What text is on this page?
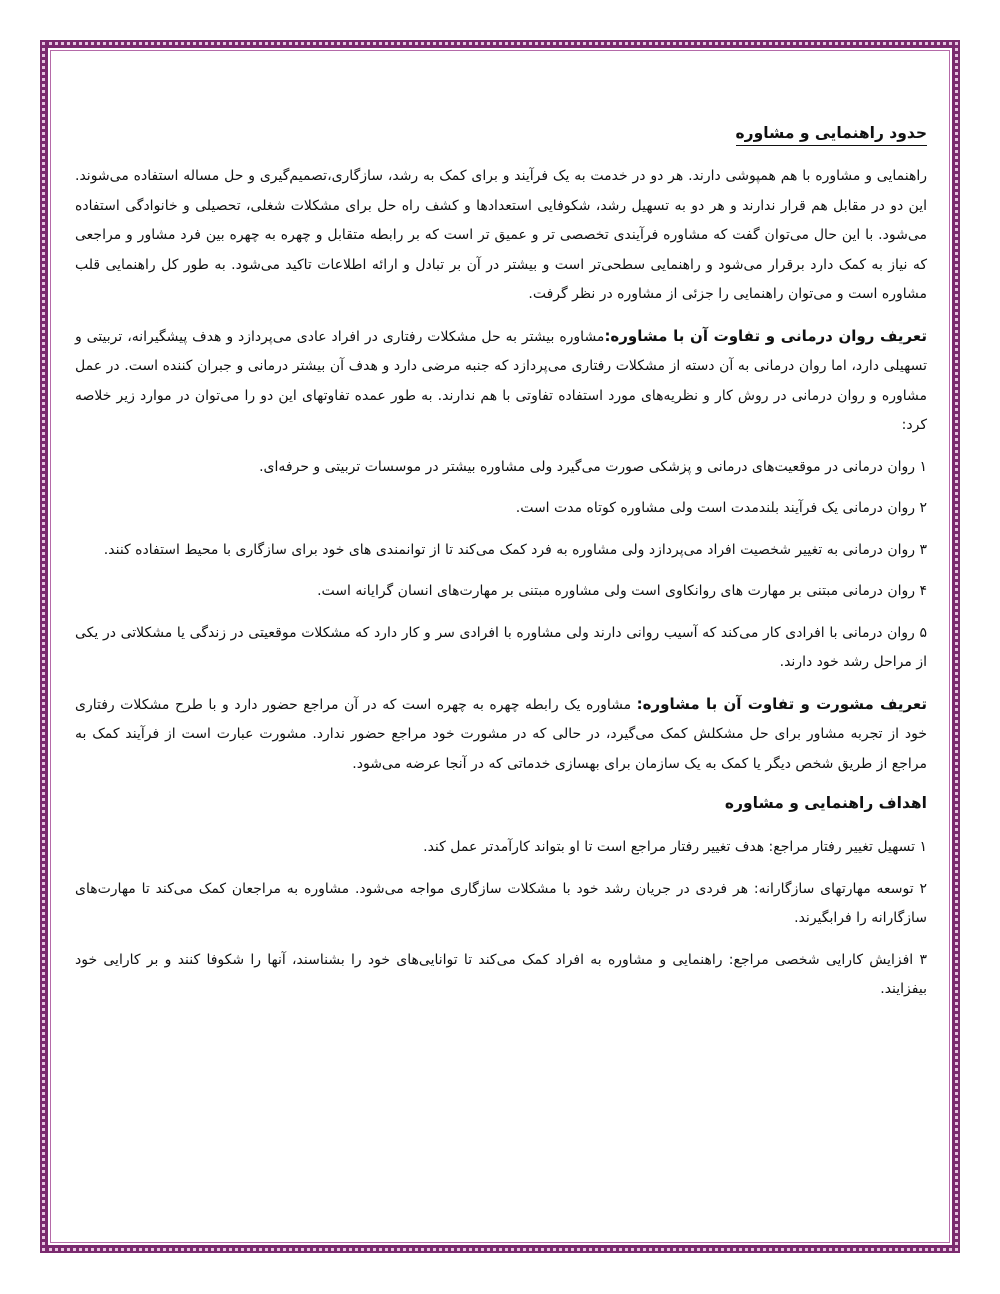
حدود راهنمایی و مشاوره

راهنمایی و مشاوره با هم همپوشی دارند. هر دو در خدمت به یک فرآیند و برای کمک به رشد، سازگاری،تصمیم‌گیری و حل مساله استفاده می‌شوند. این دو در مقابل هم قرار ندارند و هر دو به تسهیل رشد، شکوفایی استعدادها و کشف راه حل برای مشکلات شغلی، تحصیلی و خانوادگی استفاده می‌شود. با این حال می‌توان گفت که مشاوره فرآیندی تخصصی تر و عمیق تر است که بر رابطه متقابل و چهره به چهره بین فرد مشاور و مراجعی که نیاز به کمک دارد برقرار می‌شود و راهنمایی سطحی‌تر است و بیشتر در آن بر تبادل و ارائه اطلاعات تاکید می‌شود. به طور کل راهنمایی قلب مشاوره است و می‌توان راهنمایی را جزئی از مشاوره در نظر گرفت.

تعریف روان درمانی و تفاوت آن با مشاوره:مشاوره بیشتر به حل مشکلات رفتاری در افراد عادی می‌پردازد و هدف پیشگیرانه، تربیتی و تسهیلی دارد، اما روان درمانی به آن دسته از مشکلات رفتاری می‌پردازد که جنبه مرضی دارد و هدف آن بیشتر درمانی و جبران کننده است. در عمل مشاوره و روان درمانی در روش کار و نظریه‌های مورد استفاده تفاوتی با هم ندارند. به طور عمده تفاوتهای این دو را می‌توان در موارد زیر خلاصه کرد:

۱ روان درمانی در موقعیت‌های درمانی و پزشکی صورت می‌گیرد ولی مشاوره بیشتر در موسسات تربیتی و حرفه‌ای.

۲ روان درمانی یک فرآیند بلندمدت است ولی مشاوره کوتاه مدت است.

۳ روان درمانی به تغییر شخصیت افراد می‌پردازد ولی مشاوره به فرد کمک می‌کند تا از توانمندی های خود برای سازگاری با محیط استفاده کنند.

۴ روان درمانی مبتنی بر مهارت های روانکاوی است ولی مشاوره مبتنی بر مهارت‌های انسان گرایانه است.

۵ روان درمانی با افرادی کار می‌کند که آسیب روانی دارند ولی مشاوره با افرادی سر و کار دارد که مشکلات موقعیتی در زندگی یا مشکلاتی در یکی از مراحل رشد خود دارند.

تعریف مشورت و تفاوت آن با مشاوره: مشاوره یک رابطه چهره به چهره است که در آن مراجع حضور دارد و با طرح مشکلات رفتاری خود از تجربه مشاور برای حل مشکلش کمک می‌گیرد، در حالی که در مشورت خود مراجع حضور ندارد. مشورت عبارت است از فرآیند کمک به مراجع از طریق شخص دیگر یا کمک به یک سازمان برای بهسازی خدماتی که در آنجا عرضه می‌شود.

اهداف راهنمایی و مشاوره

۱ تسهیل تغییر رفتار مراجع: هدف تغییر رفتار مراجع است تا او بتواند کارآمدتر عمل کند.

۲ توسعه مهارتهای سازگارانه: هر فردی در جریان رشد خود با مشکلات سازگاری مواجه می‌شود. مشاوره به مراجعان کمک می‌کند تا مهارت‌های سازگارانه را فرابگیرند.

۳ افزایش کارایی شخصی مراجع: راهنمایی و مشاوره به افراد کمک می‌کند تا توانایی‌های خود را بشناسند، آنها را شکوفا کنند و بر کارایی خود بیفزایند.
